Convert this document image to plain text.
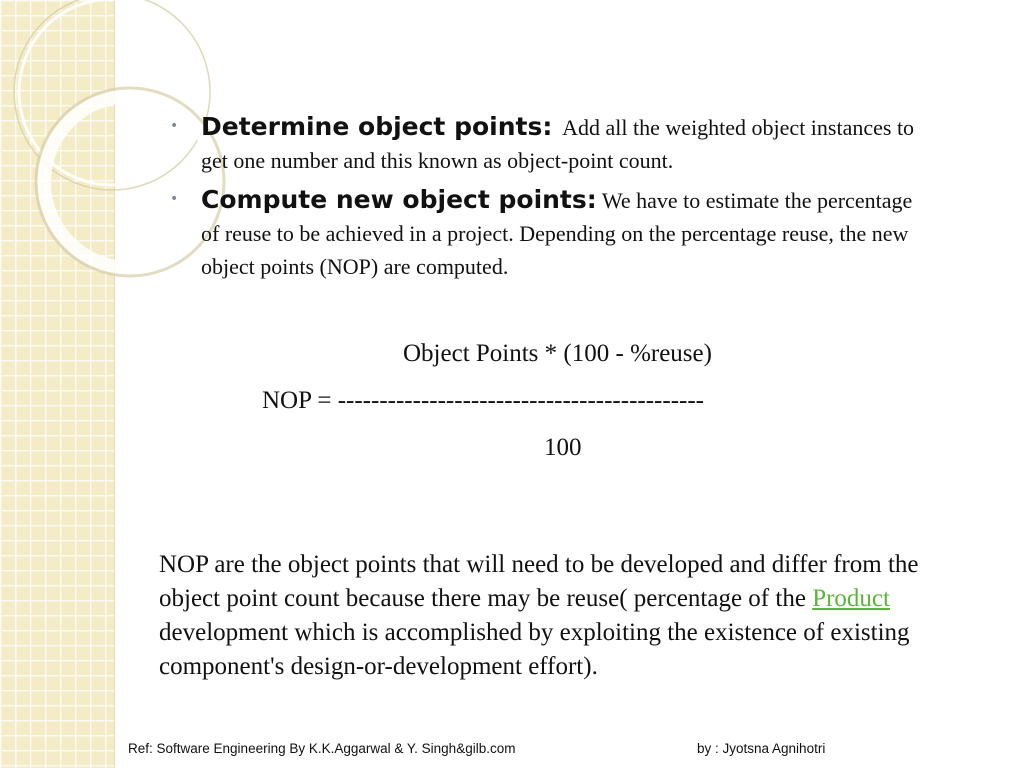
• Determine object points: Add all the weighted object instances to get one number and this known as object-point count.
• Compute new object points: We have to estimate the percentage of reuse to be achieved in a project. Depending on the percentage reuse, the new object points (NOP) are computed.
Object Points * (100 - %reuse)
NOP = --------------------------------------------
100

NOP are the object points that will need to be developed and differ from the object point count because there may be reuse( percentage of the Product development which is accomplished by exploiting the existence of existing component's design-or-development effort).

Ref: Software Engineering By K.K.Aggarwal & Y. Singh&gilb.com	by : Jyotsna Agnihotri
